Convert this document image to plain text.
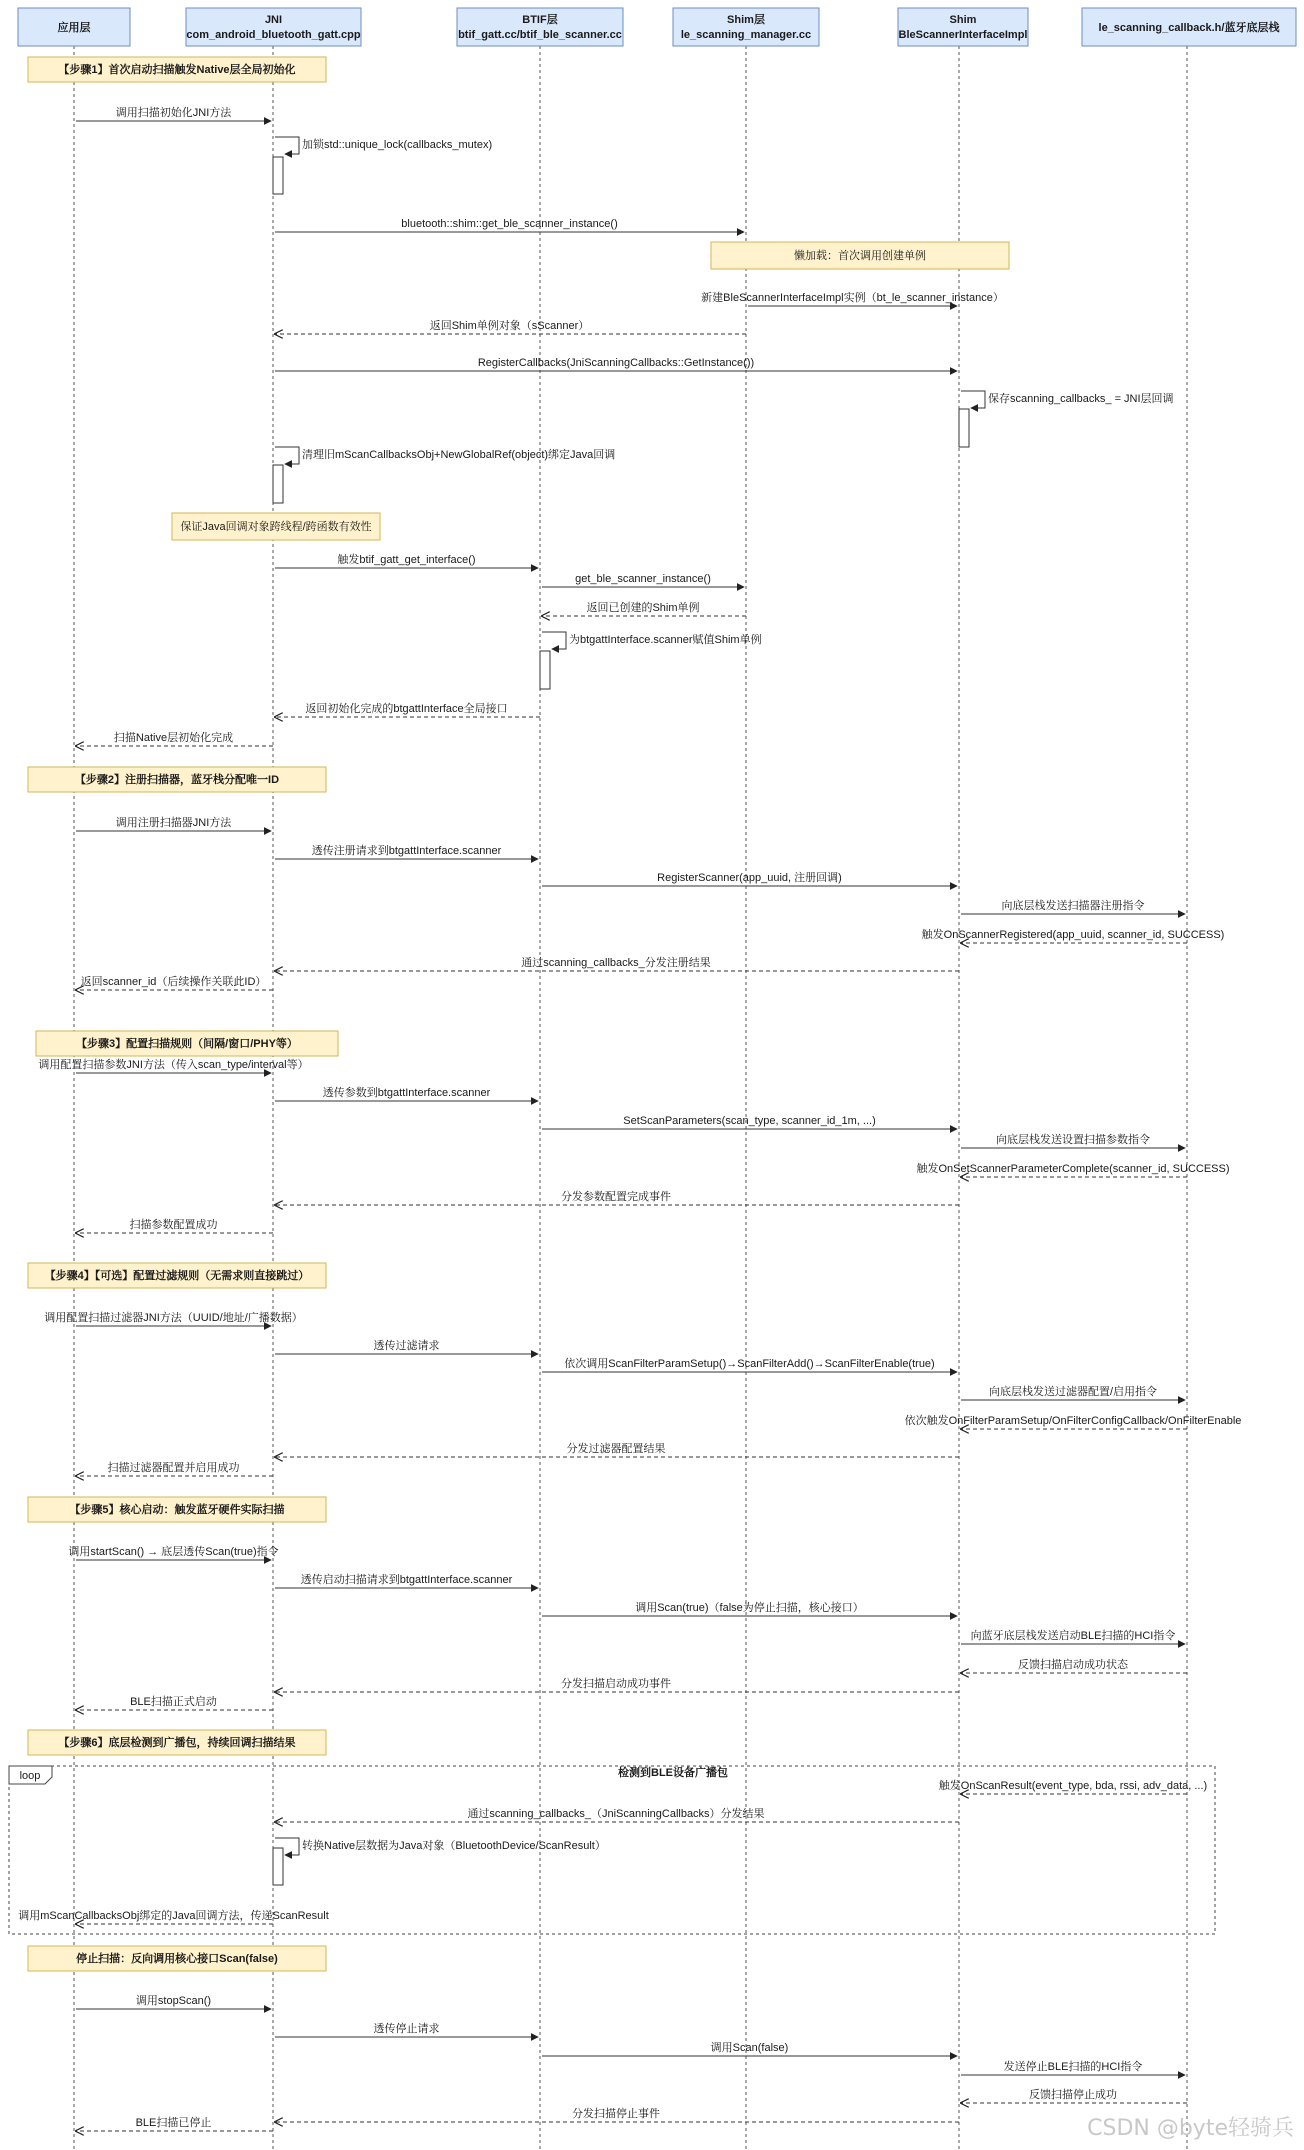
loop	检测到BLE设备广播包
【步骤1】首次启动扫描触发Native层全局初始化
【步骤2】注册扫描器，蓝牙栈分配唯一ID
【步骤3】配置扫描规则（间隔/窗口/PHY等）
【步骤4】【可选】配置过滤规则（无需求则直接跳过）
【步骤5】核心启动：触发蓝牙硬件实际扫描
【步骤6】底层检测到广播包，持续回调扫描结果
停止扫描：反向调用核心接口Scan(false)
懒加载：首次调用创建单例
保证Java回调对象跨线程/跨函数有效性
调用扫描初始化JNI方法
加锁std::unique_lock(callbacks_mutex)
bluetooth::shim::get_ble_scanner_instance()
新建BleScannerInterfaceImpl实例（bt_le_scanner_instance）
返回Shim单例对象（sScanner）
RegisterCallbacks(JniScanningCallbacks::GetInstance())
保存scanning_callbacks_ = JNI层回调
清理旧mScanCallbacksObj+NewGlobalRef(object)绑定Java回调
触发btif_gatt_get_interface()
get_ble_scanner_instance()
返回已创建的Shim单例
为btgattInterface.scanner赋值Shim单例
返回初始化完成的btgattInterface全局接口
扫描Native层初始化完成
调用注册扫描器JNI方法
透传注册请求到btgattInterface.scanner
RegisterScanner(app_uuid, 注册回调)
向底层栈发送扫描器注册指令
触发OnScannerRegistered(app_uuid, scanner_id, SUCCESS)
通过scanning_callbacks_分发注册结果
返回scanner_id（后续操作关联此ID）
调用配置扫描参数JNI方法（传入scan_type/interval等）
透传参数到btgattInterface.scanner
SetScanParameters(scan_type, scanner_id_1m, ...)
向底层栈发送设置扫描参数指令
触发OnSetScannerParameterComplete(scanner_id, SUCCESS)
分发参数配置完成事件
扫描参数配置成功
调用配置扫描过滤器JNI方法（UUID/地址/广播数据）
透传过滤请求
依次调用ScanFilterParamSetup()→ScanFilterAdd()→ScanFilterEnable(true)
向底层栈发送过滤器配置/启用指令
依次触发OnFilterParamSetup/OnFilterConfigCallback/OnFilterEnable
分发过滤器配置结果
扫描过滤器配置并启用成功
调用startScan() → 底层透传Scan(true)指令
透传启动扫描请求到btgattInterface.scanner
调用Scan(true)（false为停止扫描，核心接口）
向蓝牙底层栈发送启动BLE扫描的HCI指令
反馈扫描启动成功状态
分发扫描启动成功事件
BLE扫描正式启动
触发OnScanResult(event_type, bda, rssi, adv_data, ...)
通过scanning_callbacks_（JniScanningCallbacks）分发结果
转换Native层数据为Java对象（BluetoothDevice/ScanResult）
调用mScanCallbacksObj绑定的Java回调方法，传递ScanResult
调用stopScan()
透传停止请求
调用Scan(false)
发送停止BLE扫描的HCI指令
反馈扫描停止成功
分发扫描停止事件
BLE扫描已停止
应用层
JNI
com_android_bluetooth_gatt.cpp
BTIF层
btif_gatt.cc/btif_ble_scanner.cc
Shim层
le_scanning_manager.cc
Shim
BleScannerInterfaceImpl
le_scanning_callback.h/蓝牙底层栈
CSDN @byte轻骑兵
